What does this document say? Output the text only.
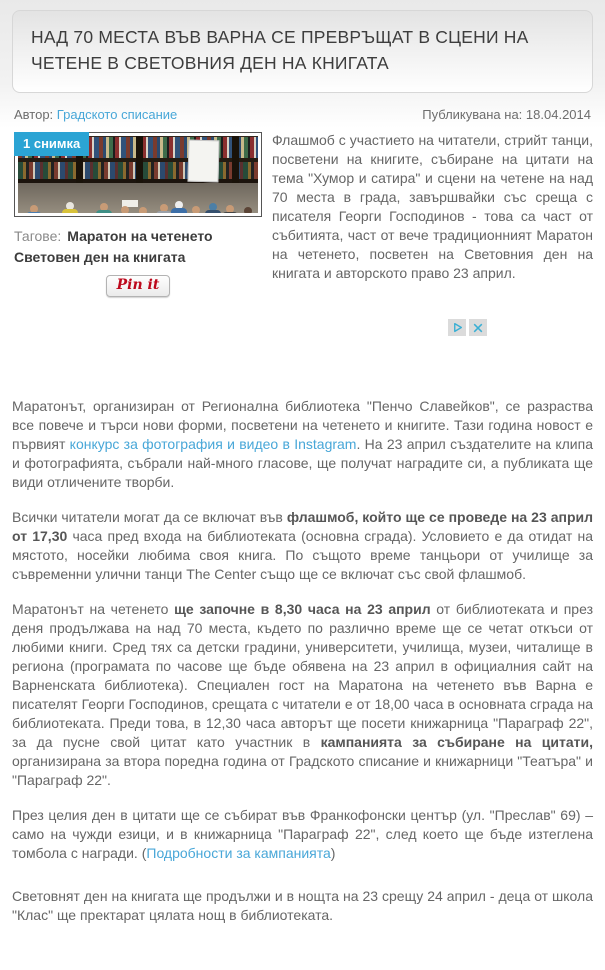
НАД 70 МЕСТА ВЪВ ВАРНА СЕ ПРЕВРЪЩАТ В СЦЕНИ НА ЧЕТЕНЕ В СВЕТОВНИЯ ДЕН НА КНИГАТА
Автор: Градското списание	Публикувана на: 18.04.2014
1 снимка
Тагове: Маратон на четенето
Световен ден на книгата
Pin it

Флашмоб с участието на читатели, стрийт танци, посветени на книгите, събиране на цитати на тема "Хумор и сатира" и сцени на четене на над 70 места в града, завършвайки със среща с писателя Георги Господинов - това са част от събитията, част от вече традиционният Маратон на четенето, посветен на Световния ден на книгата и авторското право 23 април.

Маратонът, организиран от Регионална библиотека "Пенчо Славейков", се разраства все повече и търси нови форми, посветени на четенето и книгите. Тази година новост е първият конкурс за фотография и видео в Instagram. На 23 април създателите на клипа и фотографията, събрали най-много гласове, ще получат наградите си, а публиката ще види отличените творби.

Всички читатели могат да се включат във флашмоб, който ще се проведе на 23 април от 17,30 часа пред входа на библиотеката (основна сграда). Условието е да отидат на мястото, носейки любима своя книга. По същото време танцьори от училище за съвременни улични танци The Center също ще се включат със свой флашмоб.

Маратонът на четенето ще започне в 8,30 часа на 23 април от библиотеката и през деня продължава на над 70 места, където по различно време ще се четат откъси от любими книги. Сред тях са детски градини, университети, училища, музеи, читалище в региона (програмата по часове ще бъде обявена на 23 април в официалния сайт на Варненската библиотека). Специален гост на Маратона на четенето във Варна е писателят Георги Господинов, срещата с читатели е от 18,00 часа в основната сграда на библиотеката. Преди това, в 12,30 часа авторът ще посети книжарница "Параграф 22", за да пусне свой цитат като участник в кампанията за събиране на цитати, организирана за втора поредна година от Градското списание и книжарници "Театъра" и "Параграф 22".

През целия ден в цитати ще се събират във Франкофонски център (ул. "Преслав" 69) – само на чужди езици, и в книжарница "Параграф 22", след което ще бъде изтеглена томбола с награди. (Подробности за кампанията)

Световнят ден на книгата ще продължи и в нощта на 23 срещу 24 април - деца от школа "Клас" ще пректарат цялата нощ в библиотеката.
